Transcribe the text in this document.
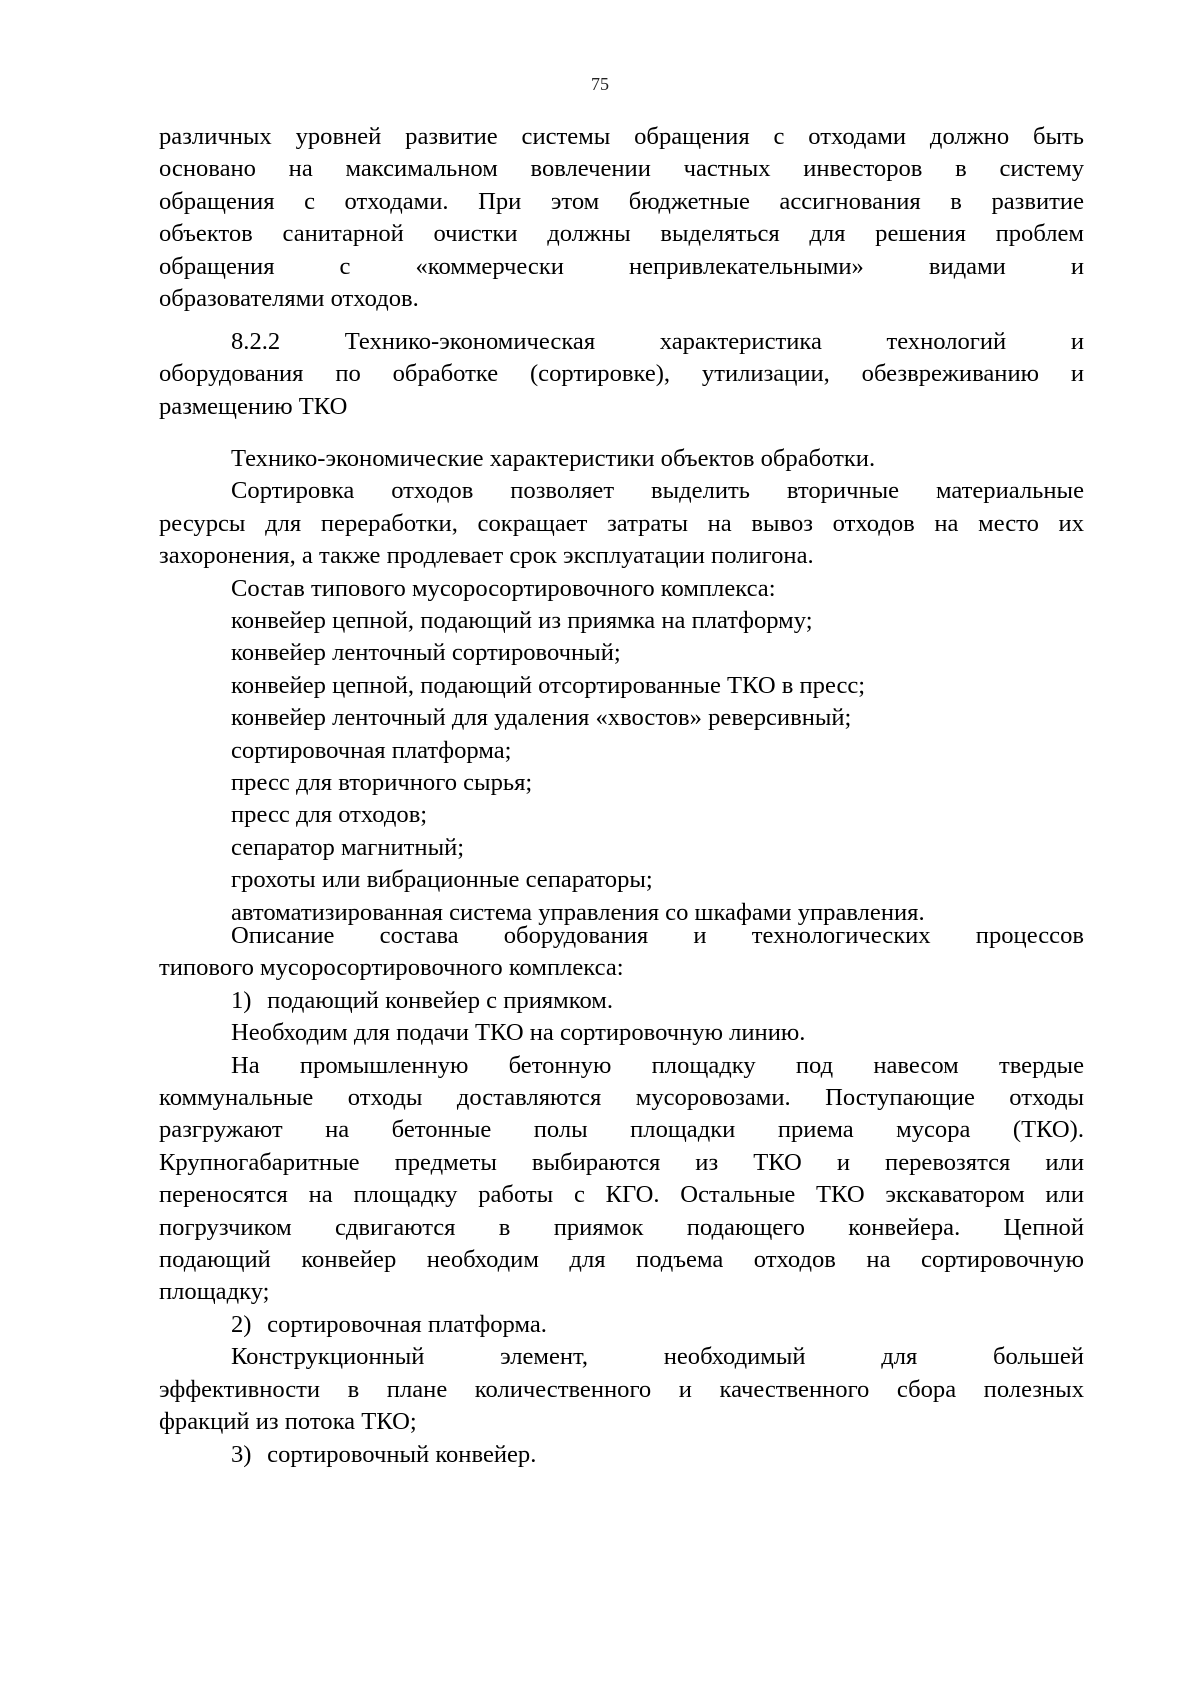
75
различных уровней развитие системы обращения с отходами должно быть
основано на максимальном вовлечении частных инвесторов в систему
обращения с отходами. При этом бюджетные ассигнования в развитие
объектов санитарной очистки должны выделяться для решения проблем
обращения	с	«коммерчески	непривлекательными»	видами	и
образователями отходов.
8.2.2	Технико-экономическая	характеристика	технологий	и
оборудования по обработке (сортировке), утилизации, обезвреживанию и
размещению ТКО
Технико-экономические характеристики объектов обработки.
Сортировка отходов позволяет выделить вторичные материальные
ресурсы для переработки, сокращает затраты на вывоз отходов на место их
захоронения, а также продлевает срок эксплуатации полигона.
Состав типового мусоросортировочного комплекса:
конвейер цепной, подающий из приямка на платформу;
конвейер ленточный сортировочный;
конвейер цепной, подающий отсортированные ТКО в пресс;
конвейер ленточный для удаления «хвостов» реверсивный;
сортировочная платформа;
пресс для вторичного сырья;
пресс для отходов;
сепаратор магнитный;
грохоты или вибрационные сепараторы;
автоматизированная система управления со шкафами управления.
Описание состава оборудования и технологических процессов
типового мусоросортировочного комплекса:
1) подающий конвейер с приямком.
Необходим для подачи ТКО на сортировочную линию.
На промышленную бетонную площадку под навесом твердые
коммунальные отходы доставляются мусоровозами. Поступающие отходы
разгружают на бетонные полы площадки приема мусора (ТКО).
Крупногабаритные предметы выбираются из ТКО и перевозятся или
переносятся на площадку работы с КГО. Остальные ТКО экскаватором или
погрузчиком сдвигаются в приямок подающего конвейера. Цепной
подающий конвейер необходим для подъема отходов на сортировочную
площадку;
2) сортировочная платформа.
Конструкционный	элемент,	необходимый	для	большей
эффективности в плане количественного и качественного сбора полезных
фракций из потока ТКО;
3) сортировочный конвейер.
